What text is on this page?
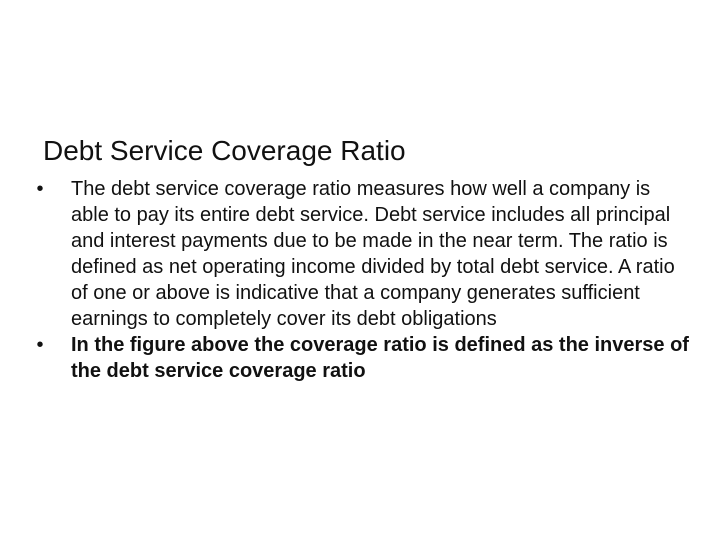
Debt Service Coverage Ratio
•	The debt service coverage ratio measures how well a company is able to pay its entire debt service. Debt service includes all principal and interest payments due to be made in the near term. The ratio is defined as net operating income divided by total debt service. A ratio of one or above is indicative that a company generates sufficient earnings to completely cover its debt obligations
•	In the figure above the coverage ratio is defined as the inverse of the debt service coverage ratio
